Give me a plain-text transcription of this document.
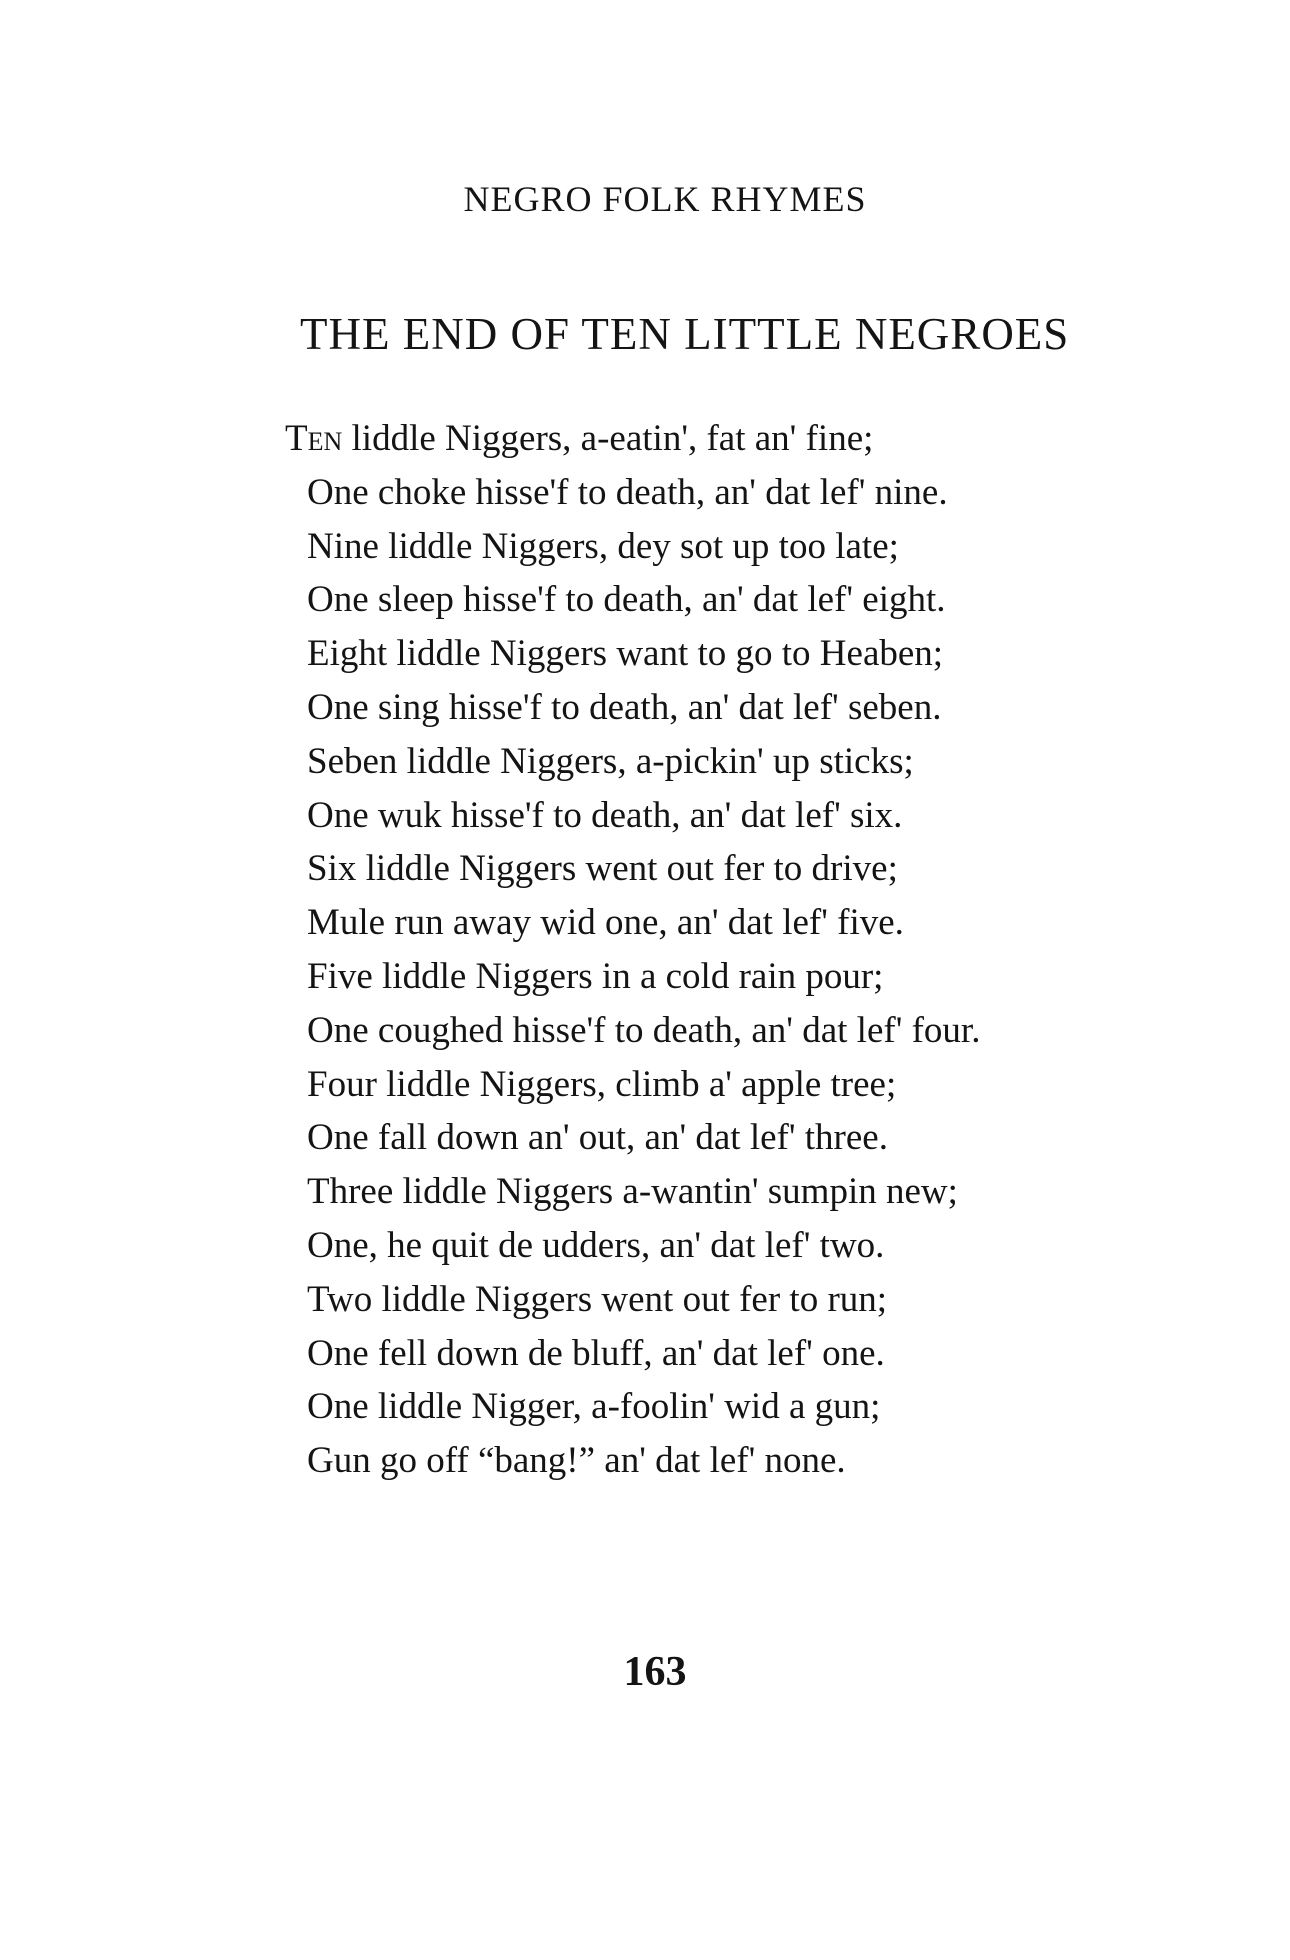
NEGRO FOLK RHYMES
THE END OF TEN LITTLE NEGROES
Ten liddle Niggers, a-eatin', fat an' fine;
One choke hisse'f to death, an' dat lef' nine.
Nine liddle Niggers, dey sot up too late;
One sleep hisse'f to death, an' dat lef' eight.
Eight liddle Niggers want to go to Heaben;
One sing hisse'f to death, an' dat lef' seben.
Seben liddle Niggers, a-pickin' up sticks;
One wuk hisse'f to death, an' dat lef' six.
Six liddle Niggers went out fer to drive;
Mule run away wid one, an' dat lef' five.
Five liddle Niggers in a cold rain pour;
One coughed hisse'f to death, an' dat lef' four.
Four liddle Niggers, climb a' apple tree;
One fall down an' out, an' dat lef' three.
Three liddle Niggers a-wantin' sumpin new;
One, he quit de udders, an' dat lef' two.
Two liddle Niggers went out fer to run;
One fell down de bluff, an' dat lef' one.
One liddle Nigger, a-foolin' wid a gun;
Gun go off “bang!” an' dat lef' none.
163
